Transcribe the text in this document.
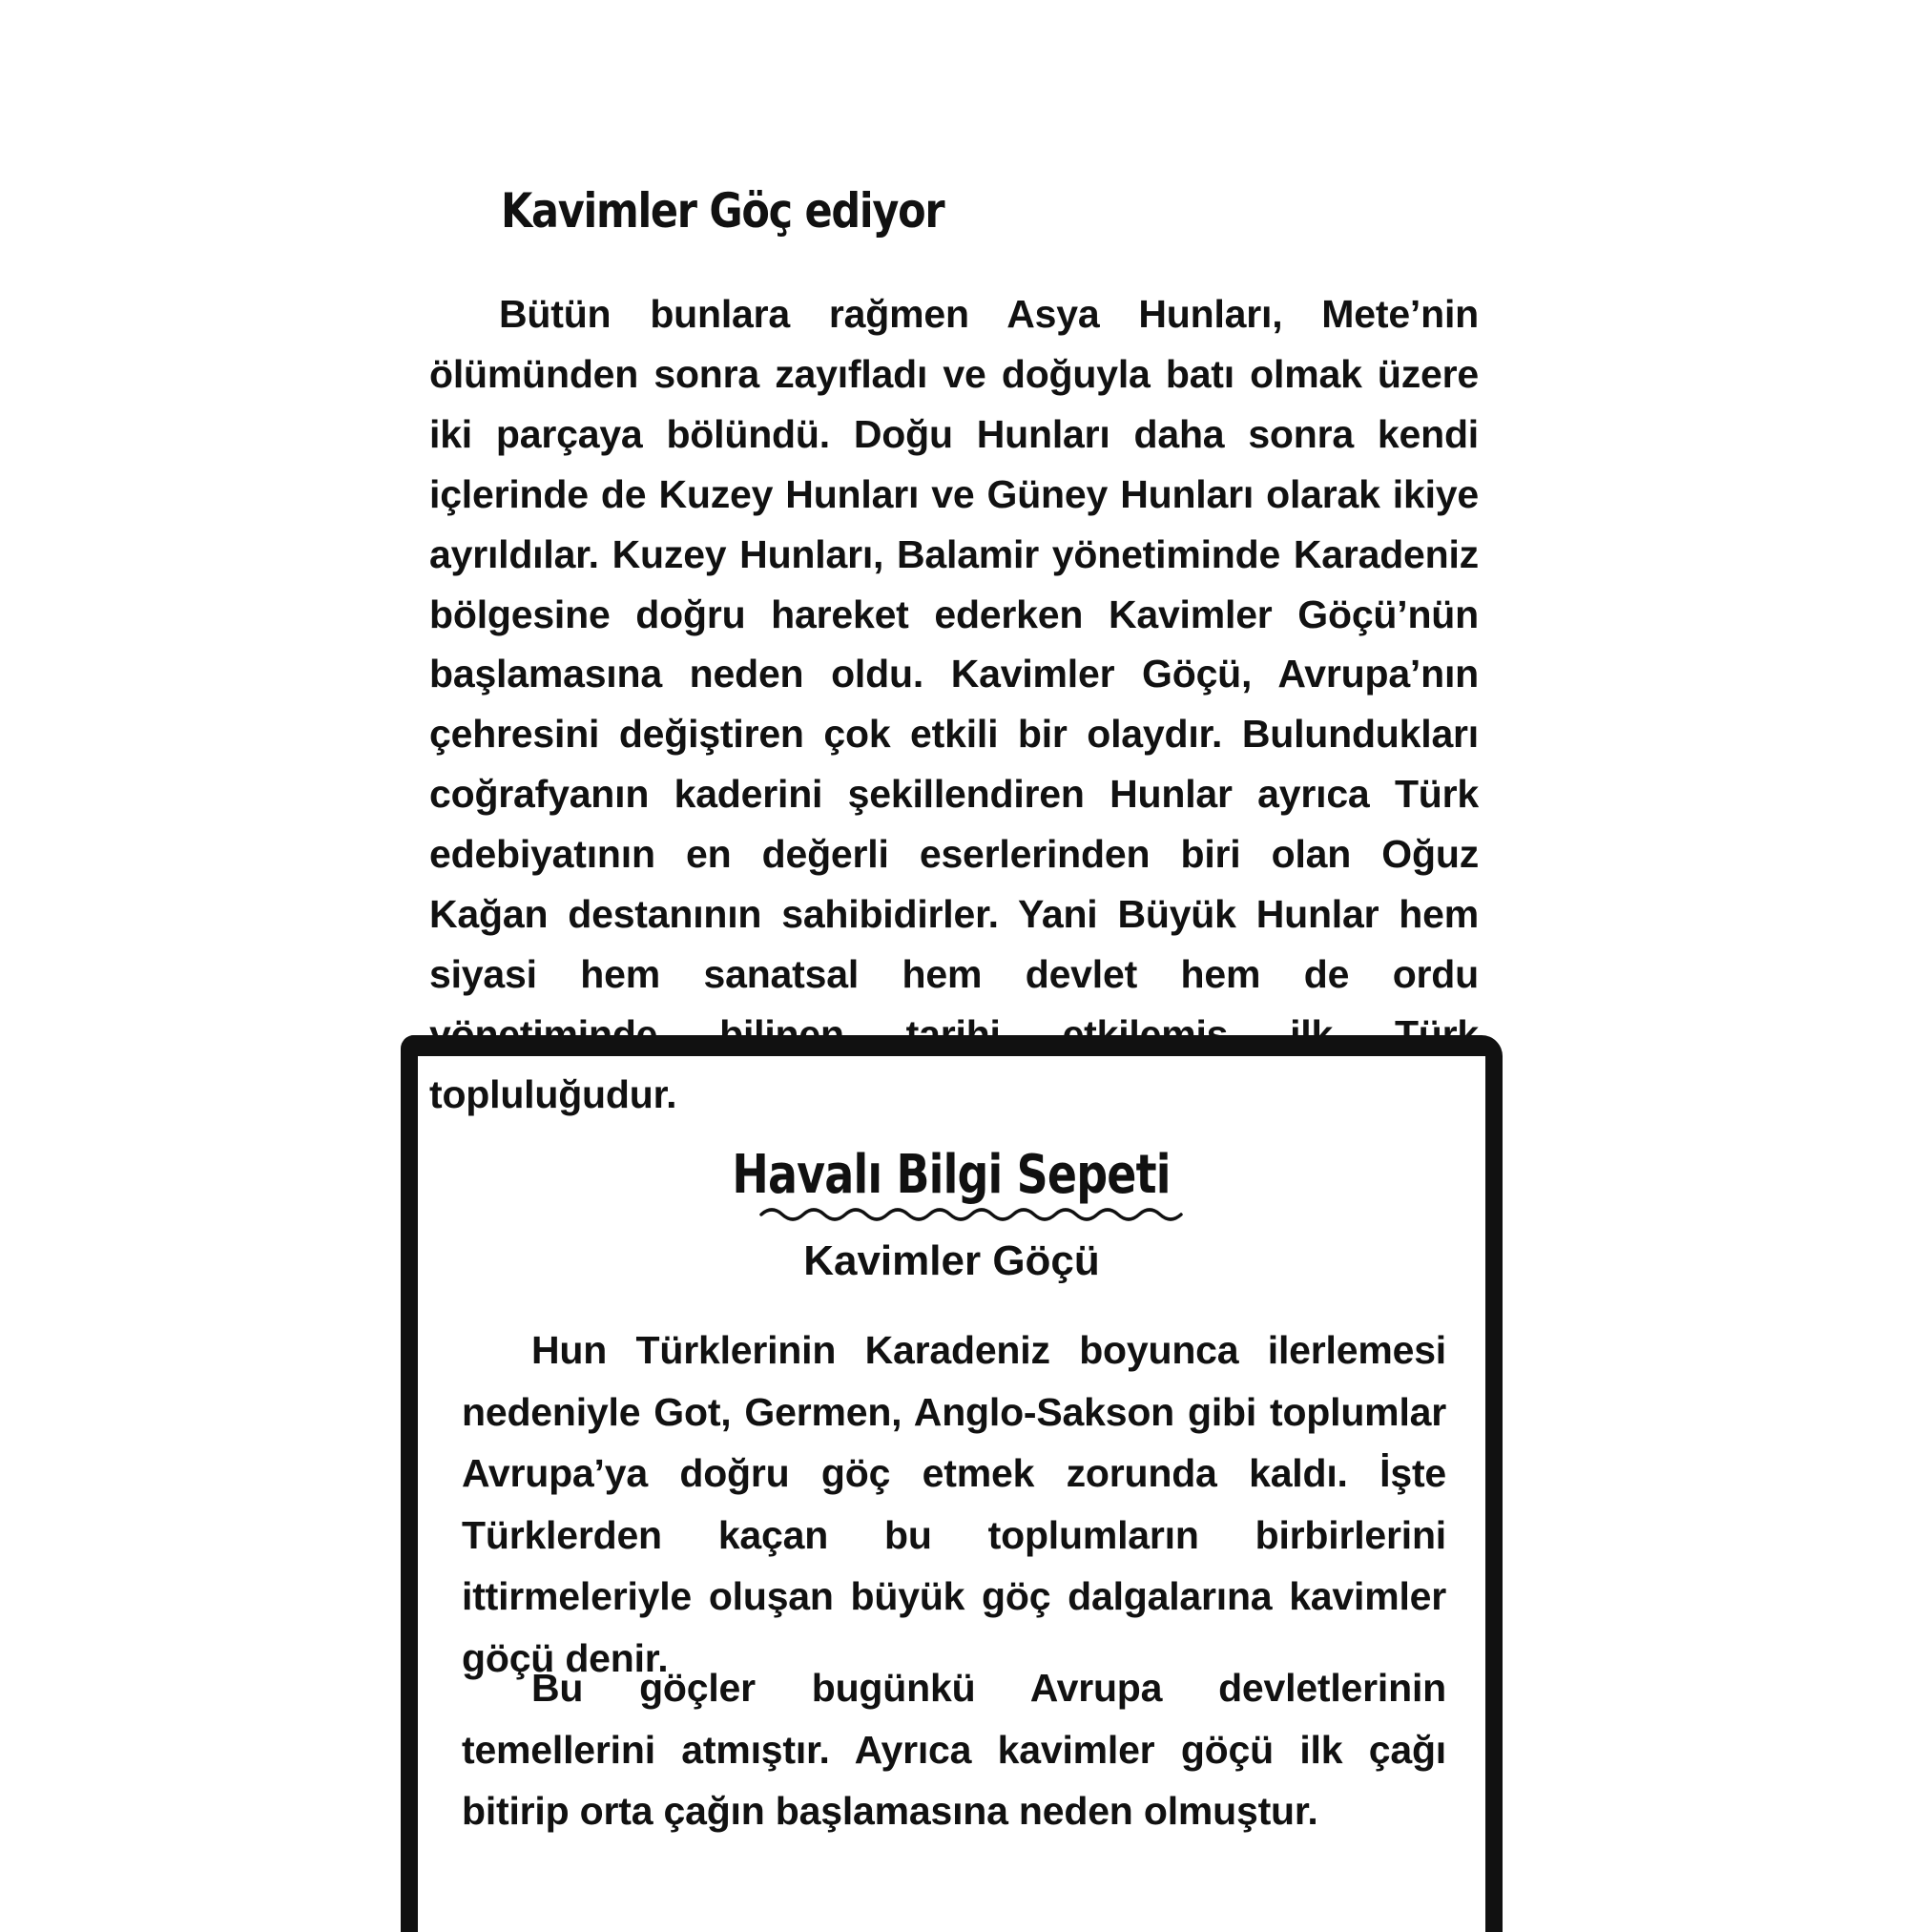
Kavimler Göç ediyor

Bütün bunlara rağmen Asya Hunları, Mete’nin ölümünden sonra zayıfladı ve doğuyla batı olmak üzere iki parçaya bölündü. Doğu Hunları daha sonra kendi içlerinde de Kuzey Hunları ve Güney Hunları olarak ikiye ayrıldılar. Kuzey Hunları, Balamir yönetiminde Karadeniz bölgesine doğru hareket ederken Kavimler Göçü’nün başlamasına neden oldu. Kavimler Göçü, Avrupa’nın çehresini değiştiren çok etkili bir olaydır. Bulundukları coğrafyanın kaderini şekillendiren Hunlar ayrıca Türk edebiyatının en değerli eserlerinden biri olan Oğuz Kağan destanının sahibidirler. Yani Büyük Hunlar hem siyasi hem sanatsal hem devlet hem de ordu yönetiminde bilinen tarihi etkilemiş ilk Türk topluluğudur.

Havalı Bilgi Sepeti
Kavimler Göçü

Hun Türklerinin Karadeniz boyunca ilerlemesi nedeniyle Got, Germen, Anglo-Sakson gibi toplumlar Avrupa’ya doğru göç etmek zorunda kaldı. İşte Türklerden kaçan bu toplumların birbirlerini ittirmeleriyle oluşan büyük göç dalgalarına kavimler göçü denir.

Bu göçler bugünkü Avrupa devletlerinin temellerini atmıştır. Ayrıca kavimler göçü ilk çağı bitirip orta çağın başlamasına neden olmuştur.
